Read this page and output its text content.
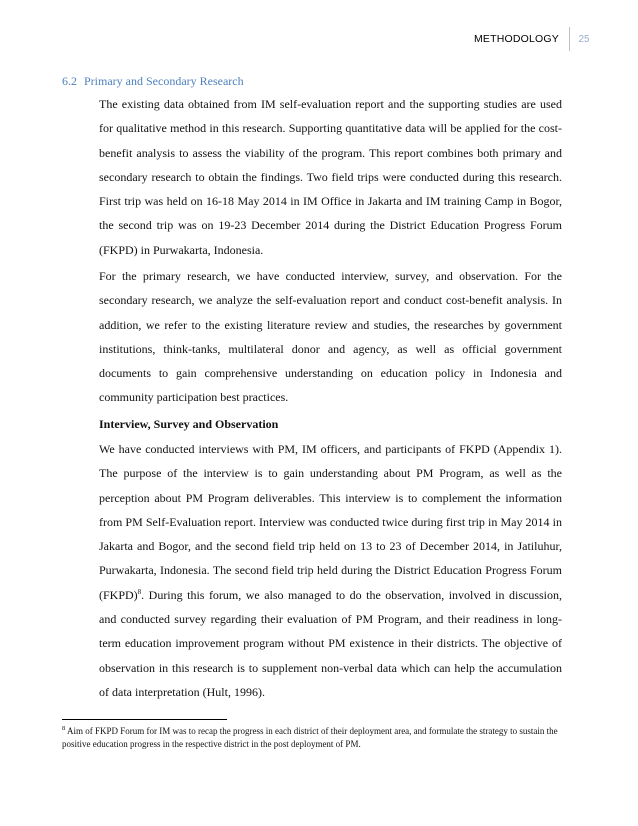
METHODOLOGY	25
6.2 Primary and Secondary Research

The existing data obtained from IM self-evaluation report and the supporting studies are used for qualitative method in this research. Supporting quantitative data will be applied for the cost-benefit analysis to assess the viability of the program. This report combines both primary and secondary research to obtain the findings. Two field trips were conducted during this research. First trip was held on 16-18 May 2014 in IM Office in Jakarta and IM training Camp in Bogor, the second trip was on 19-23 December 2014 during the District Education Progress Forum (FKPD) in Purwakarta, Indonesia.

For the primary research, we have conducted interview, survey, and observation. For the secondary research, we analyze the self-evaluation report and conduct cost-benefit analysis. In addition, we refer to the existing literature review and studies, the researches by government institutions, think-tanks, multilateral donor and agency, as well as official government documents to gain comprehensive understanding on education policy in Indonesia and community participation best practices.

Interview, Survey and Observation

We have conducted interviews with PM, IM officers, and participants of FKPD (Appendix 1). The purpose of the interview is to gain understanding about PM Program, as well as the perception about PM Program deliverables. This interview is to complement the information from PM Self-Evaluation report. Interview was conducted twice during first trip in May 2014 in Jakarta and Bogor, and the second field trip held on 13 to 23 of December 2014, in Jatiluhur, Purwakarta, Indonesia. The second field trip held during the District Education Progress Forum (FKPD)$^8$. During this forum, we also managed to do the observation, involved in discussion, and conducted survey regarding their evaluation of PM Program, and their readiness in long-term education improvement program without PM existence in their districts. The objective of observation in this research is to supplement non-verbal data which can help the accumulation of data interpretation (Hult, 1996).

$^8$ Aim of FKPD Forum for IM was to recap the progress in each district of their deployment area, and formulate the strategy to sustain the positive education progress in the respective district in the post deployment of PM.
